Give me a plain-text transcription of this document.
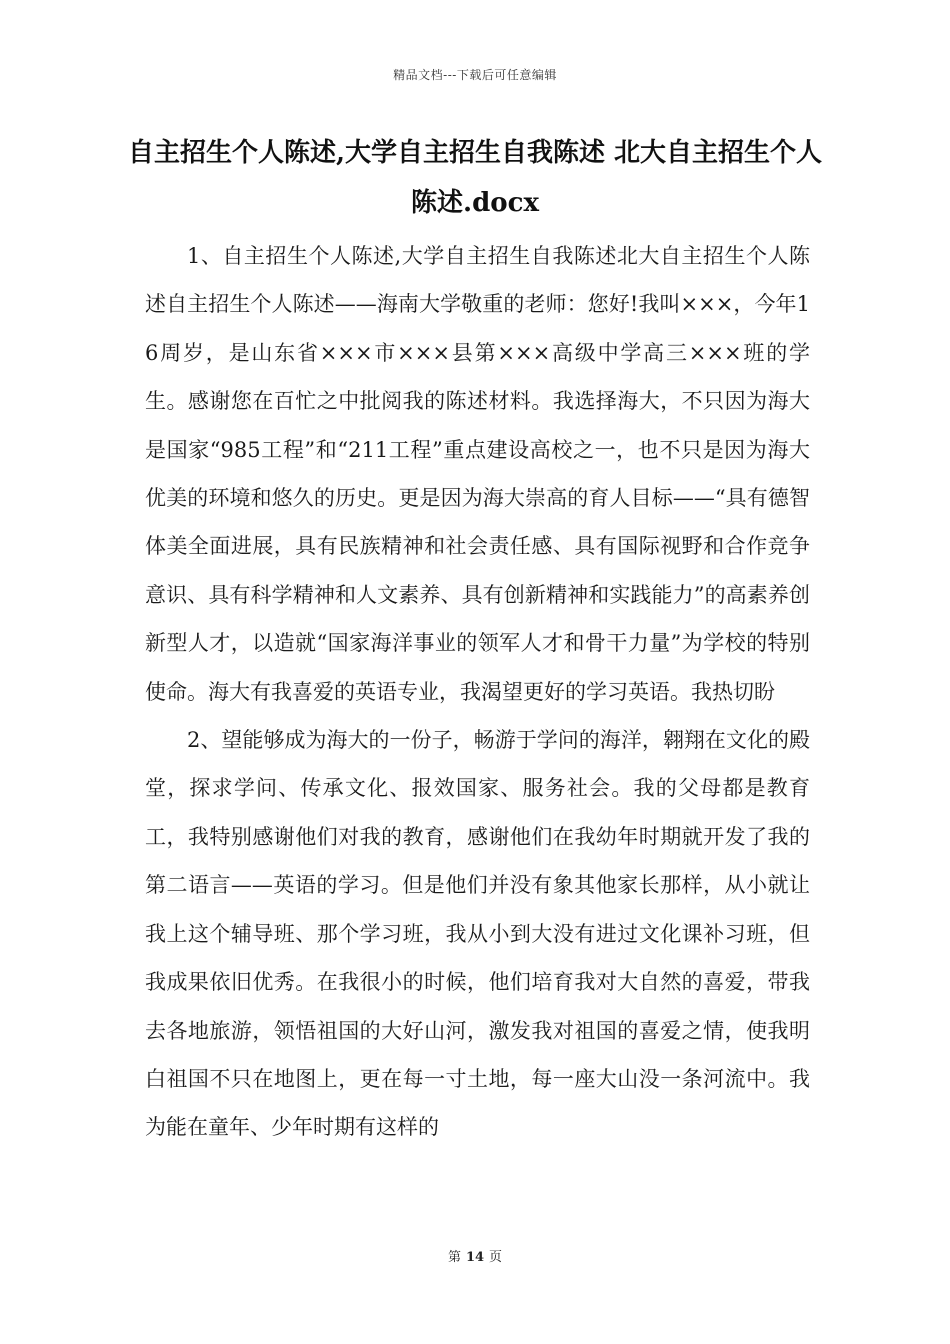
精品文档---下载后可任意编辑
自主招生个人陈述,大学自主招生自我陈述 北大自主招生个人陈述.docx

1、自主招生个人陈述,大学自主招生自我陈述北大自主招生个人陈述自主招生个人陈述——海南大学敬重的老师：您好!我叫×××，今年16周岁，是山东省×××市×××县第×××高级中学高三×××班的学生。感谢您在百忙之中批阅我的陈述材料。我选择海大，不只因为海大是国家“985工程”和“211工程”重点建设高校之一，也不只是因为海大优美的环境和悠久的历史。更是因为海大崇高的育人目标——“具有德智体美全面进展，具有民族精神和社会责任感、具有国际视野和合作竞争意识、具有科学精神和人文素养、具有创新精神和实践能力”的高素养创新型人才，以造就“国家海洋事业的领军人才和骨干力量”为学校的特别使命。海大有我喜爱的英语专业，我渴望更好的学习英语。我热切盼

2、望能够成为海大的一份子，畅游于学问的海洋，翱翔在文化的殿堂，探求学问、传承文化、报效国家、服务社会。我的父母都是教育工，我特别感谢他们对我的教育，感谢他们在我幼年时期就开发了我的第二语言——英语的学习。但是他们并没有象其他家长那样，从小就让我上这个辅导班、那个学习班，我从小到大没有进过文化课补习班，但我成果依旧优秀。在我很小的时候，他们培育我对大自然的喜爱，带我去各地旅游，领悟祖国的大好山河，激发我对祖国的喜爱之情，使我明白祖国不只在地图上，更在每一寸土地，每一座大山没一条河流中。我为能在童年、少年时期有这样的

第 14 页
